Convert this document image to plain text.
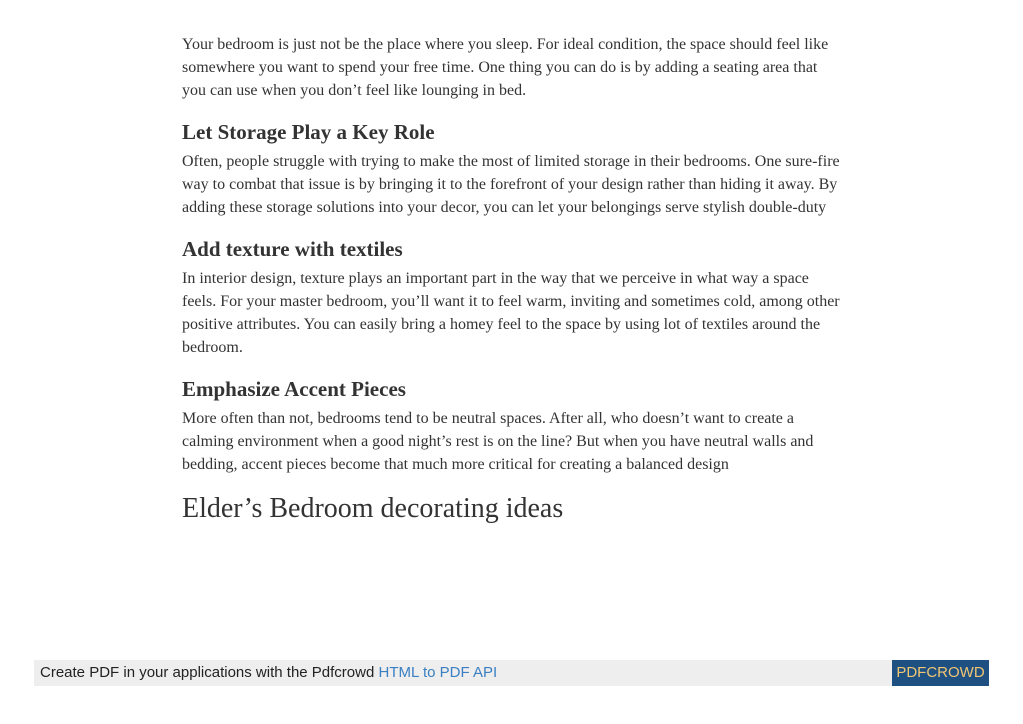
Your bedroom is just not be the place where you sleep. For ideal condition, the space should feel like somewhere you want to spend your free time. One thing you can do is by adding a seating area that you can use when you don’t feel like lounging in bed.

Let Storage Play a Key Role

Often, people struggle with trying to make the most of limited storage in their bedrooms. One sure-fire way to combat that issue is by bringing it to the forefront of your design rather than hiding it away. By adding these storage solutions into your decor, you can let your belongings serve stylish double-duty

Add texture with textiles

In interior design, texture plays an important part in the way that we perceive in what way a space feels. For your master bedroom, you’ll want it to feel warm, inviting and sometimes cold, among other positive attributes. You can easily bring a homey feel to the space by using lot of textiles around the bedroom.

Emphasize Accent Pieces

More often than not, bedrooms tend to be neutral spaces. After all, who doesn’t want to create a calming environment when a good night’s rest is on the line? But when you have neutral walls and bedding, accent pieces become that much more critical for creating a balanced design

Elder’s Bedroom decorating ideas
Create PDF in your applications with the Pdfcrowd HTML to PDF API	PDFCROWD
